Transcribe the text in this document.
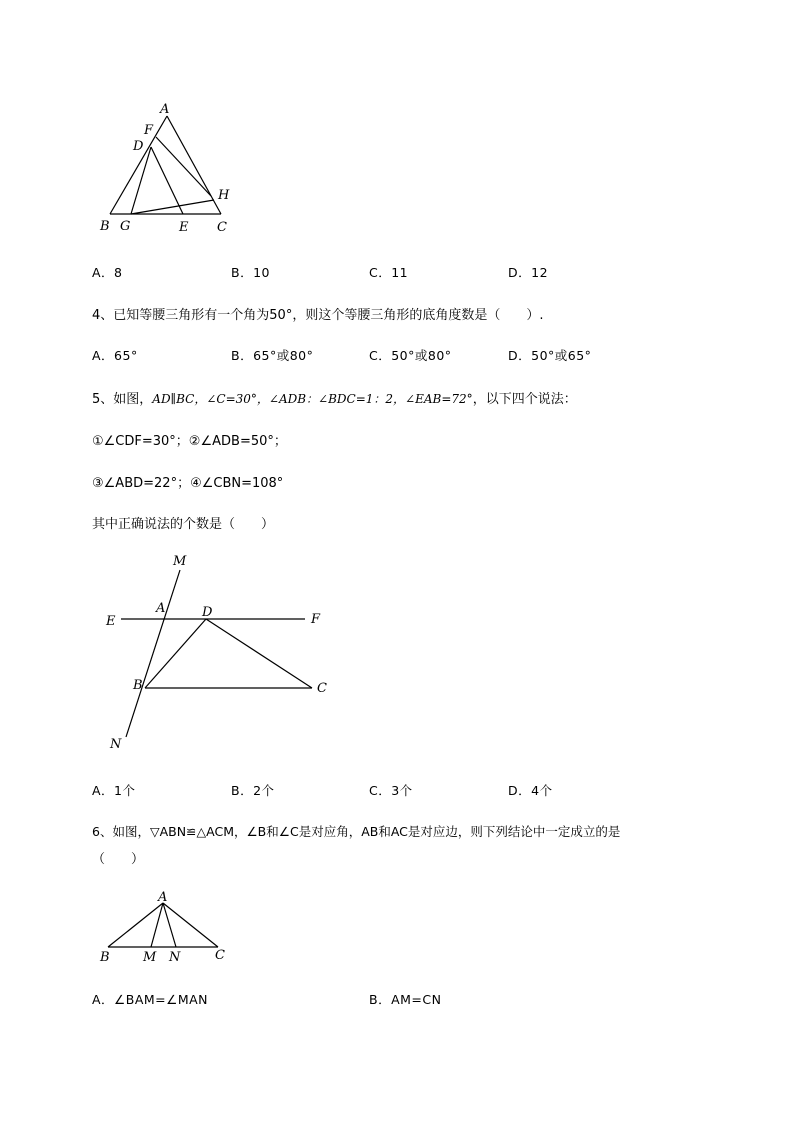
A
F
D
H
B G	E C
A．8	B．10	C．11	D．12
4、已知等腰三角形有一个角为50°，则这个等腰三角形的底角度数是（　　）.
A．65°	B．65°或80°	C．50°或80°	D．50°或65°
5、如图，AD∥BC，∠C=30°，∠ADB：∠BDC=1：2，∠EAB=72°，以下四个说法：
①∠CDF=30°；②∠ADB=50°；
③∠ABD=22°；④∠CBN=108°
其中正确说法的个数是（　　）
M
A	D
E	F
B	C
N
A．1个	B．2个	C．3个	D．4个
6、如图，▽ABN≌△ACM，∠B和∠C是对应角，AB和AC是对应边，则下列结论中一定成立的是
（　　）
A
B	M N	C
A．∠BAM=∠MAN	B．AM=CN
